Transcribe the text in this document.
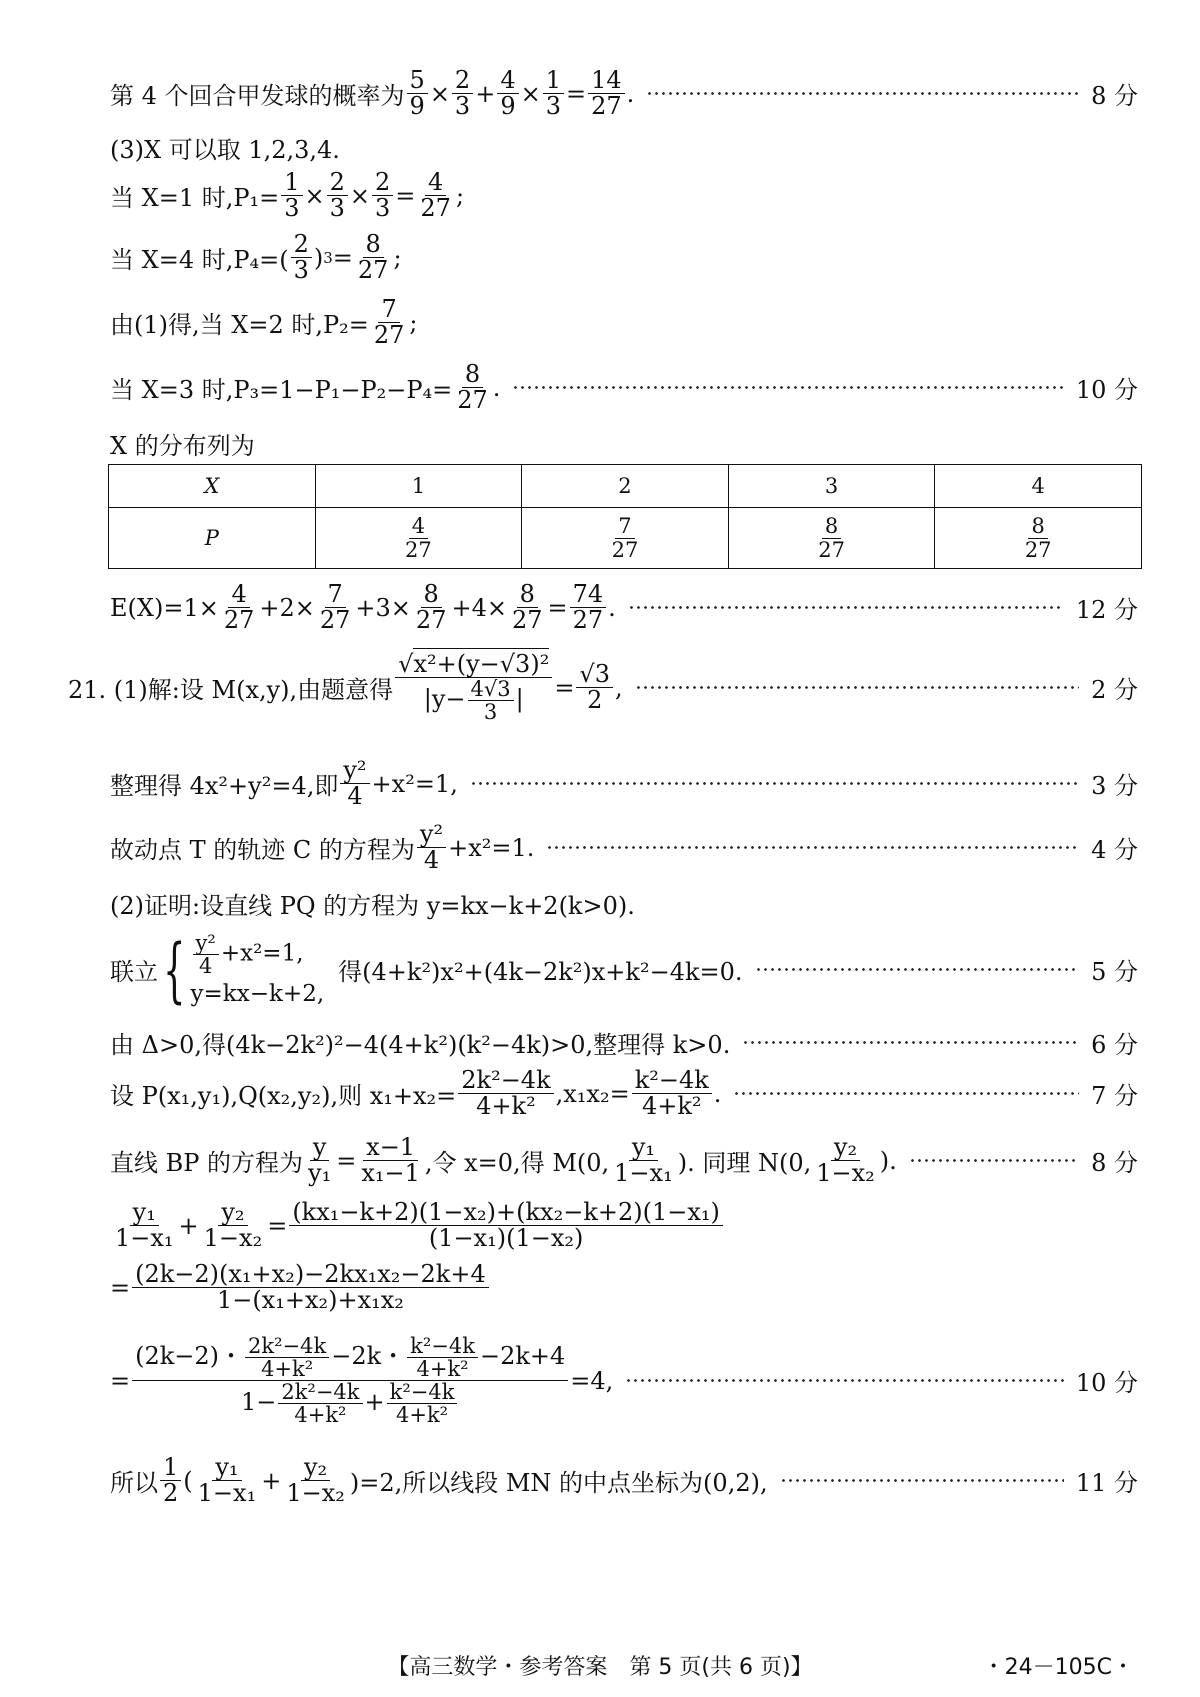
第 4 个回合甲发球的概率为 $\frac{5}{9} \times \frac{2}{3} + \frac{4}{9} \times \frac{1}{3} = \frac{14}{27}$ .	8 分
(3)X 可以取 1,2,3,4.
当 X=1 时$,P_1= \frac{1}{3} \times \frac{2}{3} \times \frac{2}{3} = \frac{4}{27}$ ;
当 X=4 时$,P_4=( \frac{2}{3}$ ) $3 = \frac{8}{27}$ ;
由(1)得,当 X=2 时$,P_2= \frac{7}{27}$ ;
当 X=3 时$,P_3=1-P_1-P_2-P_4= \frac{8}{27}$ .	10 分
X 的分布列为
X	1	2	3	4
P	$\frac{4}{27}$	$\frac{7}{27}$	$\frac{8}{27}$	$\frac{8}{27}$
$E(X)=1\times \frac{4}{27} +2\times \frac{7}{27} +3\times \frac{8}{27} +4\times \frac{8}{27} = \frac{74}{27}$ .	12 分
21. (1)解:设 M(x,y),由题意得 $\frac{\text{√x²+(y−√3)²}}{|y- \frac{4√3}{3} |} = \frac{√3}{2}$ ,	2 分
整理得 4x²+y²=4,即 $\frac{\text{y²}}{4} +x^2=1$,	3 分
故动点 T 的轨迹 C 的方程为 $\frac{\text{y²}}{4} +x^2=1$.	4 分
(2)证明:设直线 PQ 的方程为 y=kx−k+2(k>0).
联立 { $\frac{\text{y²}}{4} +x^2=1$,
y=kx−k+2,
得(4+k²)x²+(4k−2k²)x+k²−4k=0.	5 分
由 Δ>0,得(4k−2k²)²−4(4+k²)(k²−4k)>0,整理得 k>0.	6 分
设 P(x₁,y₁),Q(x₂,y₂),则 $x_1+x_2= \frac{\text{2k²−4k}}{\text{4+k²}} ,x_1x_2= \frac{\text{k²−4k}}{\text{4+k²}}$ .	7 分
直线 BP 的方程为 $\frac{y}{\text{y₁}} = \frac{x-1}{\text{x₁−1}}$ ,令 x=0,得 M(0, $\frac{\text{y₁}}{\text{1−x₁}}$ ). 同理 N(0, $\frac{\text{y₂}}{\text{1−x₂}}$ ).	8 分
$\frac{\text{y₁}}{\text{1−x₁}} + \frac{\text{y₂}}{\text{1−x₂}} = \frac{\text{(kx₁−k+2)(1−x₂)+(kx₂−k+2)(1−x₁)}}{\text{(1−x₁)(1−x₂)}}$
= $\frac{\text{(2k−2)(x₁+x₂)−2kx₁x₂−2k+4}}{\text{1−(x₁+x₂)+x₁x₂}}$
= $\frac{(2k-2)・ \frac{\text{2k²−4k}}{\text{4+k²}} -2k・ \frac{\text{k²−4k}}{\text{4+k²}} -2k+4}{1- \frac{\text{2k²−4k}}{\text{4+k²}} + \frac{\text{k²−4k}}{\text{4+k²}}} =4$,	10 分
所以 $\frac{1}{2}$ ( $\frac{\text{y₁}}{\text{1−x₁}} + \frac{\text{y₂}}{\text{1−x₂}} )=2$,所以线段 MN 的中点坐标为(0,2),	11 分
【高三数学・参考答案　第 5 页(共 6 页)】	・24－105C・
